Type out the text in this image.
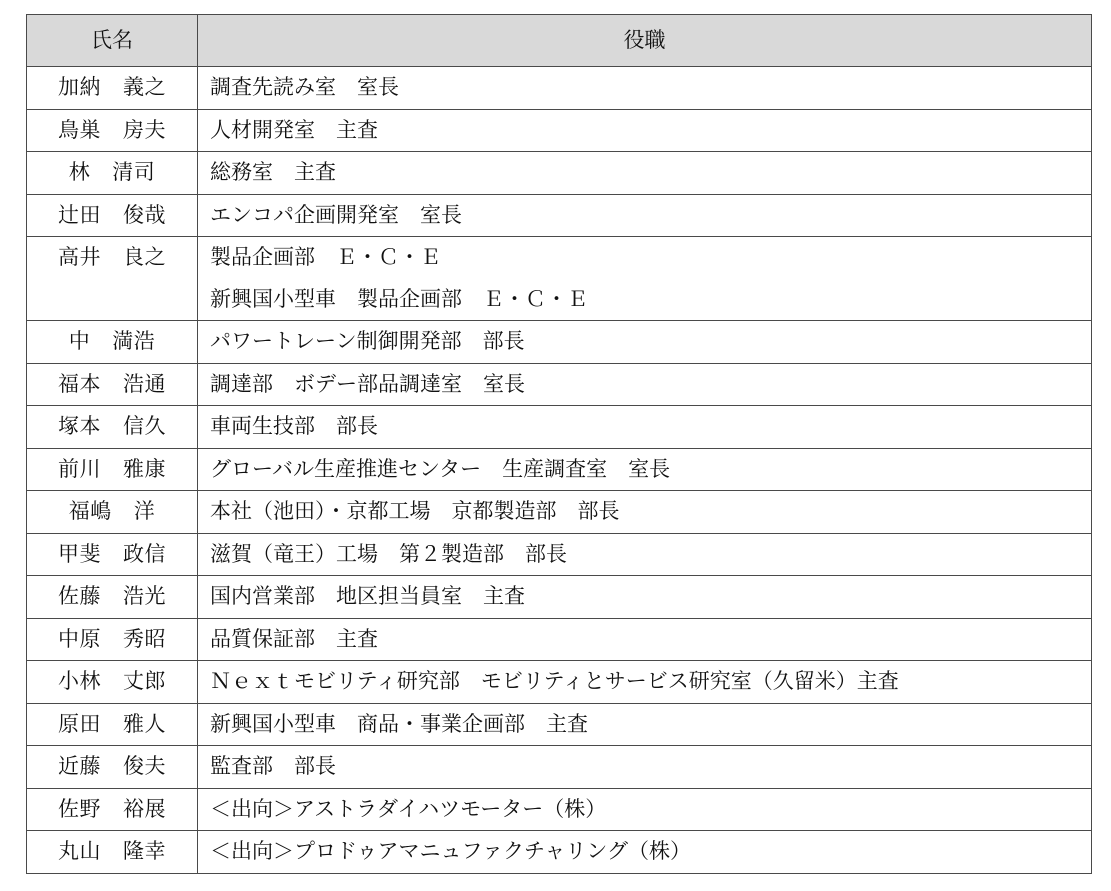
氏名	役職
加納 義之	調査先読み室　室長

鳥巣 房夫	人材開発室　主査

林 清司	総務室　主査

辻田 俊哉	エンコパ企画開発室　室長

高井 良之	製品企画部　Ｅ・Ｃ・Ｅ
新興国小型車　製品企画部　Ｅ・Ｃ・Ｅ

中 満浩	パワートレーン制御開発部　部長

福本 浩通	調達部　ボデー部品調達室　室長

塚本 信久	車両生技部　部長

前川 雅康	グローバル生産推進センター　生産調査室　室長

福嶋 洋	本社（池田）・京都工場　京都製造部　部長

甲斐 政信	滋賀（竜王）工場　第２製造部　部長

佐藤 浩光	国内営業部　地区担当員室　主査

中原 秀昭	品質保証部　主査

小林 丈郎	Ｎｅｘｔモビリティ研究部　モビリティとサービス研究室（久留米）主査

原田 雅人	新興国小型車　商品・事業企画部　主査

近藤 俊夫	監査部　部長

佐野 裕展	＜出向＞アストラダイハツモーター（株）

丸山 隆幸	＜出向＞プロドゥアマニュファクチャリング（株）
